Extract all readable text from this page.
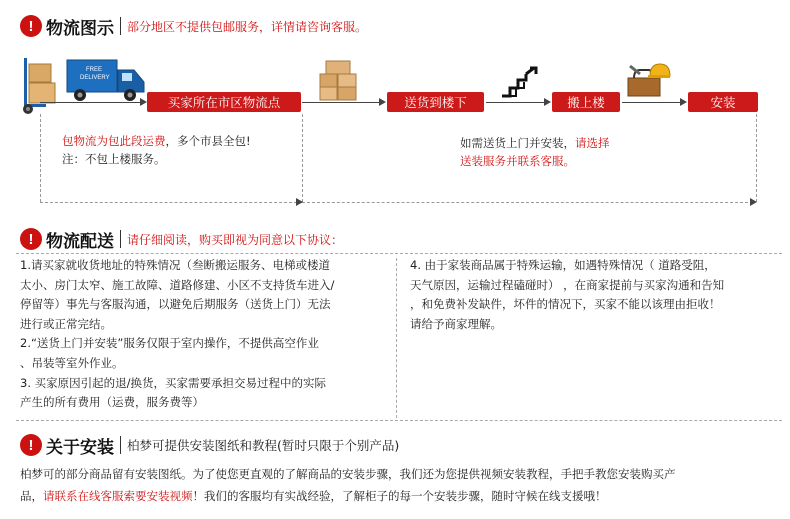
! 物流图示 部分地区不提供包邮服务，详情请咨询客服。
FREE
DELIVERY
买家所在市区物流点	送货到楼下	搬上楼	安装
包物流为包此段运费，多个市县全包!
注：不包上楼服务。
如需送货上门并安装，请选择
送装服务并联系客服。
! 物流配送 请仔细阅读，购买即视为同意以下协议：
1.请买家就收货地址的特殊情况（叁断搬运服务、电梯或楼道
太小、房门太窄、施工故障、道路修建、小区不支持货车进入/
停留等）事先与客服沟通，以避免后期服务（送货上门）无法
进行或正常完结。
2.“送货上门并安装”服务仅限于室内操作，不提供高空作业
、吊装等室外作业。
3. 买家原因引起的退/换货，买家需要承担交易过程中的实际
产生的所有费用（运费，服务费等）
4. 由于家装商品属于特殊运输，如遇特殊情况（ 道路受阻，
天气原因，运输过程磕碰时） ，在商家提前与买家沟通和告知
，和免费补发缺件，坏件的情况下，买家不能以该理由拒收！
请给予商家理解。
! 关于安装 柏梦可提供安装图纸和教程(暂时只限于个别产品)
柏梦可的部分商品留有安装图纸。为了使您更直观的了解商品的安装步骤，我们还为您提供视频安装教程，手把手教您安装购买产
品，请联系在线客服索要安装视频！我们的客服均有实战经验，了解柜子的每一个安装步骤，随时守候在线支援哦！
